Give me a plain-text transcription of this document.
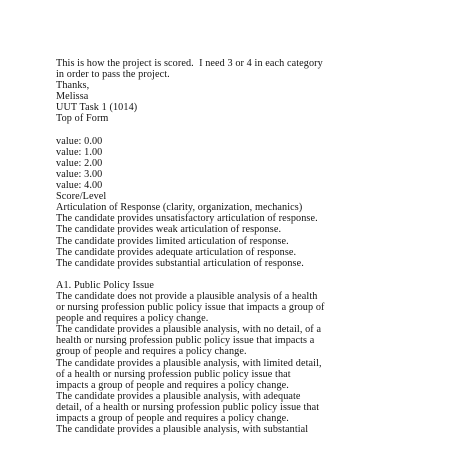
This is how the project is scored.  I need 3 or 4 in each category
in order to pass the project.
Thanks,
Melissa
UUT Task 1 (1014)
Top of Form
value: 0.00
value: 1.00
value: 2.00
value: 3.00
value: 4.00
Score/Level
Articulation of Response (clarity, organization, mechanics)
The candidate provides unsatisfactory articulation of response.
The candidate provides weak articulation of response.
The candidate provides limited articulation of response.
The candidate provides adequate articulation of response.
The candidate provides substantial articulation of response.
A1. Public Policy Issue
The candidate does not provide a plausible analysis of a health
or nursing profession public policy issue that impacts a group of
people and requires a policy change.
The candidate provides a plausible analysis, with no detail, of a
health or nursing profession public policy issue that impacts a
group of people and requires a policy change.
The candidate provides a plausible analysis, with limited detail,
of a health or nursing profession public policy issue that
impacts a group of people and requires a policy change.
The candidate provides a plausible analysis, with adequate
detail, of a health or nursing profession public policy issue that
impacts a group of people and requires a policy change.
The candidate provides a plausible analysis, with substantial
